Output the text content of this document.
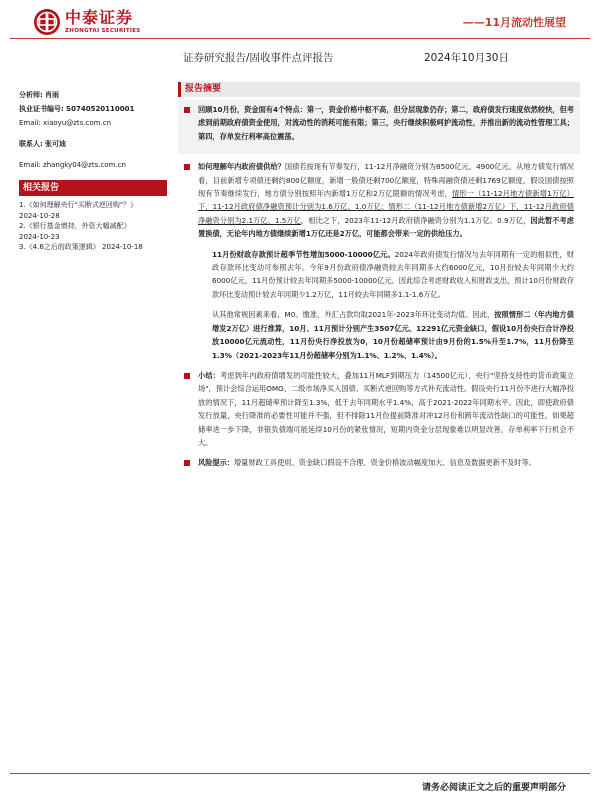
中泰证券
ZHONGTAI SECURITIES
——11月流动性展望
证券研究报告/固收事件点评报告	2024年10月30日
分析师: 肖雨
执业证书编号: S0740520110001
Email: xiaoyu@zts.com.cn
联系人: 张可迪
Email: zhangky04@zts.com.cn
相关报告
1.《如何理解央行"买断式逆回购"？》
2024-10-28
2.《银行基金增持，外资大幅减配》
2024-10-23
3.《4.6之后的政策逻辑》 2024-10-18
报告摘要
回顾10月份，资金面有4个特点：第一，资金价格中枢不高，但分层现象仍存；第二，政府债发行速度依然较快，但考虑到前期政府债资金使用，对流动性的消耗可能有限；第三，央行继续积极呵护流动性，并推出新的流动性管理工具；第四，存单发行利率高位震荡。
如何理解年内政府债供给？国债若按现有节奏发行，11-12月净融资分别为8500亿元、4900亿元。从地方债发行情况看，目前新增专项债还剩约800亿额度，新增一般债还剩700亿额度，特殊再融资债还剩1769亿额度。假设国债按照现有节奏继续发行，地方债分别按照年内新增1万亿和2万亿限额的情况考虑，情形一（11-12月地方债新增1万亿）下，11-12月政府债净融资预计分别为1.6万亿、1.0万亿；情形二（11-12月地方债新增2万亿）下，11-12月政府债净融资分别为2.1万亿、1.5万亿，相比之下，2023年11-12月政府债净融资分别为1.1万亿、0.9万亿，因此暂不考虑置换债，无论年内地方债继续新增1万亿还是2万亿，可能都会带来一定的供给压力。
11月份财政存款预计超季节性增加5000-10000亿元。2024年政府债发行情况与去年同期有一定的相似性，财政存款环比变动可参照去年。今年9月份政府债净融资较去年同期多大约6000亿元，10月份较去年同期少大约6000亿元，11月份预计较去年同期多5000-10000亿元。因此综合考虑财政收入和财政支出，预计10月份财政存款环比变动预计较去年同期少1.2万亿，11月较去年同期多1.1-1.6万亿。
从其他常规因素来看，M0、缴准、外汇占款均取2021年-2023年环比变动均值。因此，按照情形二（年内地方债增发2万亿）进行推算，10月、11月预计分别产生3507亿元、12291亿元资金缺口，假设10月份央行合计净投放10000亿元流动性，11月份央行净投放为0，10月份超储率预计由9月份的1.5%升至1.7%，11月份降至1.3%（2021-2023年11月份超储率分别为1.1%、1.2%、1.4%）。
小结：考虑到年内政府债增发的可能性较大，叠加11月MLF到期压力（14500亿元），央行"坚持支持性的货币政策立场"，预计会综合运用OMO、二级市场净买入国债、买断式逆回购等方式补充流动性。假设央行11月份不进行大幅净投放的情况下，11月超储率预计降至1.3%，低于去年同期水平1.4%，高于2021-2022年同期水平。因此，即使政府债发行放量，央行降准的必要性可能并不强，但不排除11月份提前降准对冲12月份和跨年流动性缺口的可能性。如果超储率进一步下降，非银负债端可能延续10月份的紧张情况，短期内资金分层现象难以明显改善，存单利率下行机会不大。
风险提示：增量财政工具使用、资金缺口假设不合理、资金价格波动幅度加大、信息及数据更新不及时等。
请务必阅读正文之后的重要声明部分
